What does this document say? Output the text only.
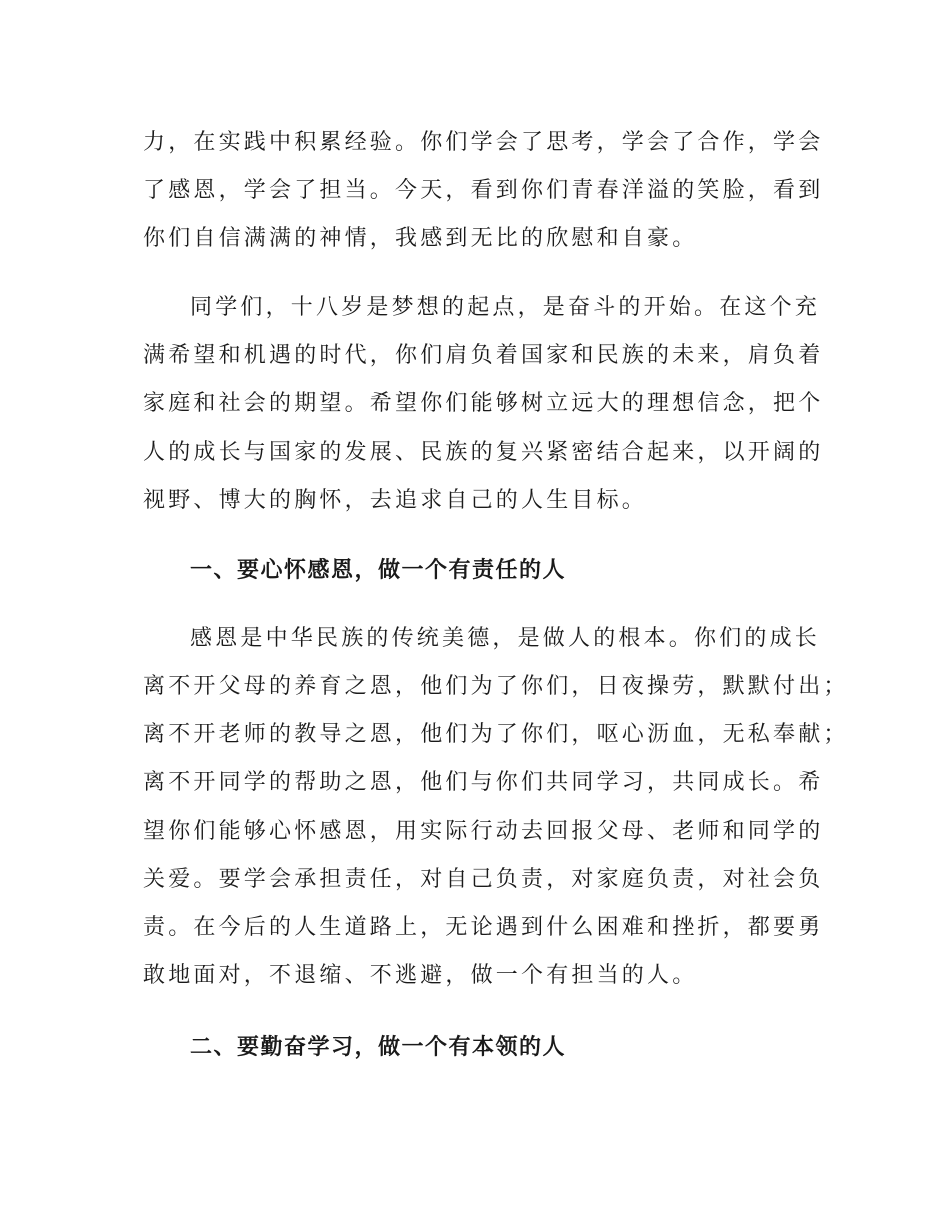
力，在实践中积累经验。你们学会了思考，学会了合作，学会
了感恩，学会了担当。今天，看到你们青春洋溢的笑脸，看到
你们自信满满的神情，我感到无比的欣慰和自豪。
同学们，十八岁是梦想的起点，是奋斗的开始。在这个充
满希望和机遇的时代，你们肩负着国家和民族的未来，肩负着
家庭和社会的期望。希望你们能够树立远大的理想信念，把个
人的成长与国家的发展、民族的复兴紧密结合起来，以开阔的
视野、博大的胸怀，去追求自己的人生目标。
一、要心怀感恩，做一个有责任的人
感恩是中华民族的传统美德，是做人的根本。你们的成长
离不开父母的养育之恩，他们为了你们，日夜操劳，默默付出；
离不开老师的教导之恩，他们为了你们，呕心沥血，无私奉献；
离不开同学的帮助之恩，他们与你们共同学习，共同成长。希
望你们能够心怀感恩，用实际行动去回报父母、老师和同学的
关爱。要学会承担责任，对自己负责，对家庭负责，对社会负
责。在今后的人生道路上，无论遇到什么困难和挫折，都要勇
敢地面对，不退缩、不逃避，做一个有担当的人。
二、要勤奋学习，做一个有本领的人
